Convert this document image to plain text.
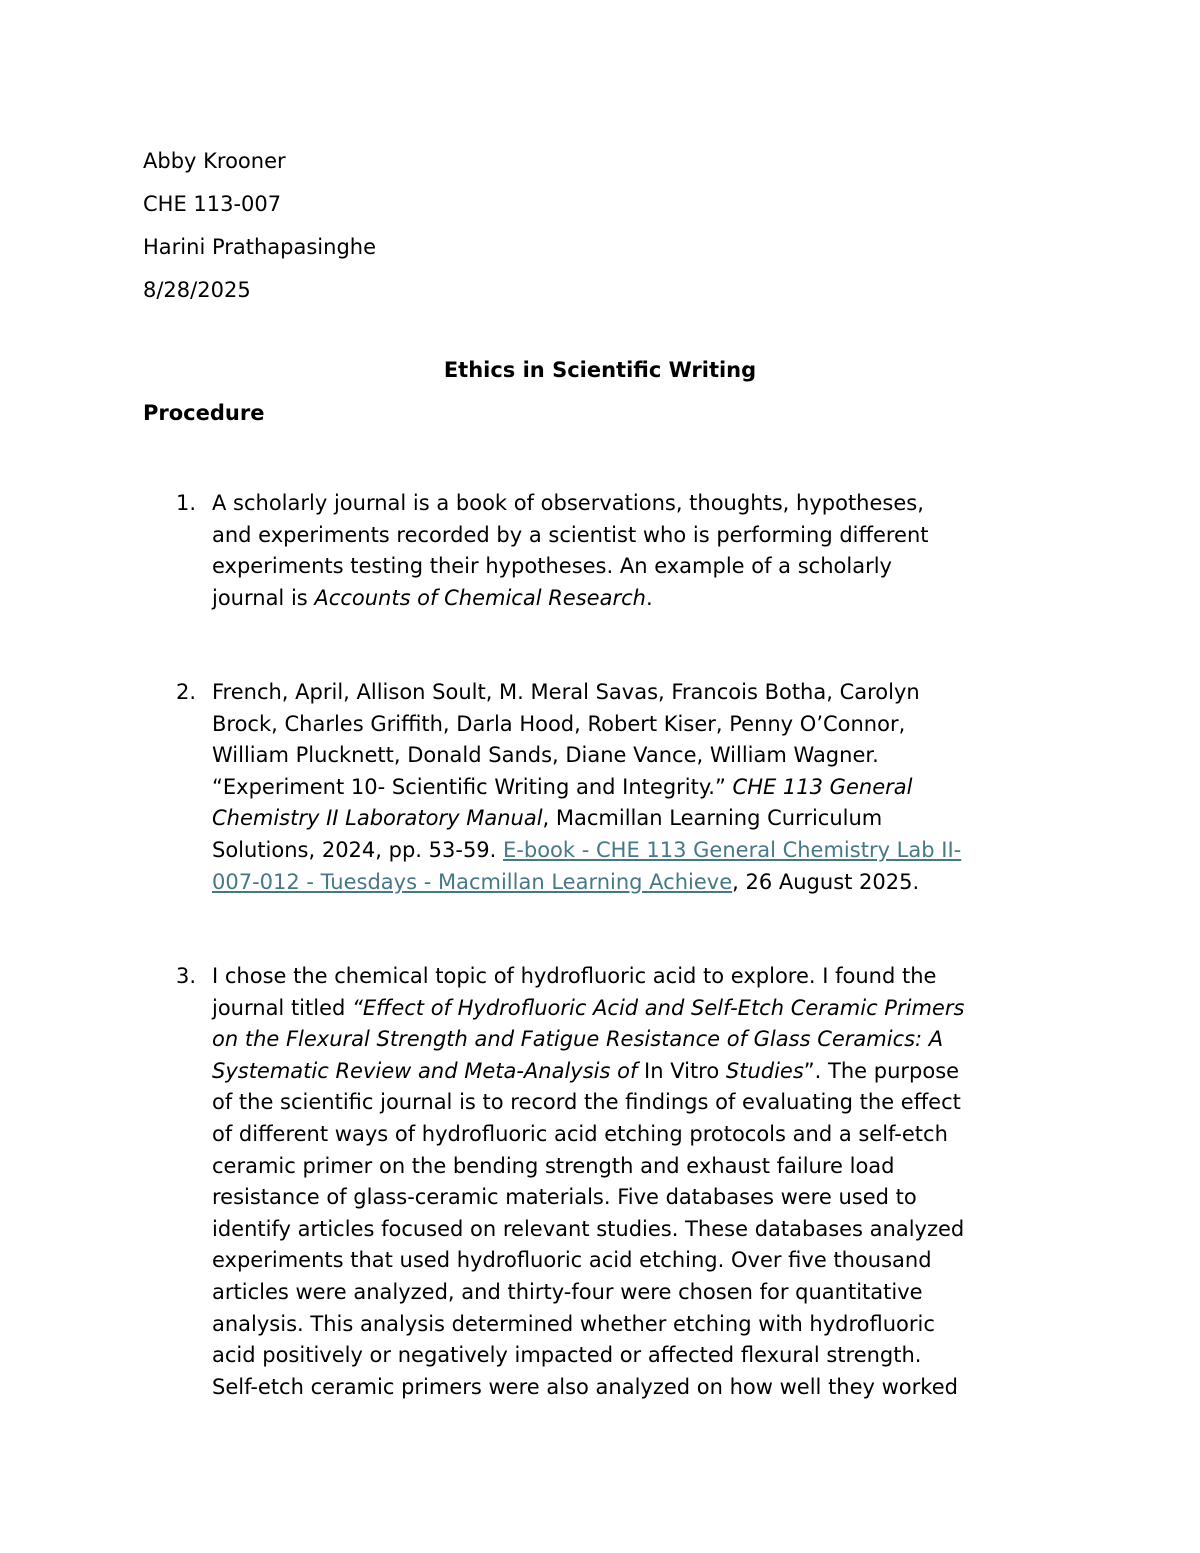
Abby Krooner
CHE 113-007
Harini Prathapasinghe
8/28/2025
Ethics in Scientific Writing
Procedure
1. A scholarly journal is a book of observations, thoughts, hypotheses,
and experiments recorded by a scientist who is performing different
experiments testing their hypotheses. An example of a scholarly
journal is Accounts of Chemical Research.
2. French, April, Allison Soult, M. Meral Savas, Francois Botha, Carolyn
Brock, Charles Griffith, Darla Hood, Robert Kiser, Penny O’Connor,
William Plucknett, Donald Sands, Diane Vance, William Wagner.
“Experiment 10- Scientific Writing and Integrity.” CHE 113 General
Chemistry II Laboratory Manual, Macmillan Learning Curriculum
Solutions, 2024, pp. 53-59. E-book - CHE 113 General Chemistry Lab II-
007-012 - Tuesdays - Macmillan Learning Achieve, 26 August 2025.
3. I chose the chemical topic of hydrofluoric acid to explore. I found the
journal titled “Effect of Hydrofluoric Acid and Self-Etch Ceramic Primers
on the Flexural Strength and Fatigue Resistance of Glass Ceramics: A
Systematic Review and Meta-Analysis of In Vitro Studies”. The purpose
of the scientific journal is to record the findings of evaluating the effect
of different ways of hydrofluoric acid etching protocols and a self-etch
ceramic primer on the bending strength and exhaust failure load
resistance of glass-ceramic materials. Five databases were used to
identify articles focused on relevant studies. These databases analyzed
experiments that used hydrofluoric acid etching. Over five thousand
articles were analyzed, and thirty-four were chosen for quantitative
analysis. This analysis determined whether etching with hydrofluoric
acid positively or negatively impacted or affected flexural strength.
Self-etch ceramic primers were also analyzed on how well they worked
